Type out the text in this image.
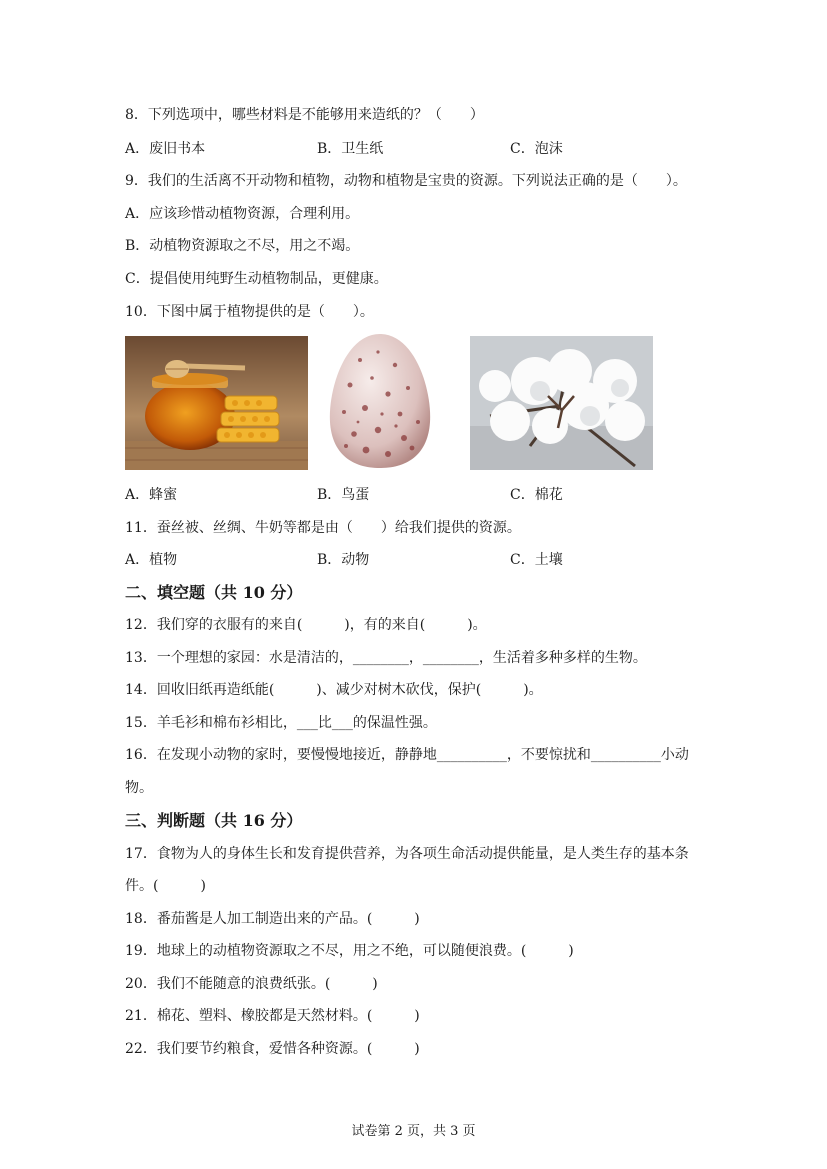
8．下列选项中，哪些材料是不能够用来造纸的？（　　）
A．废旧书本	B．卫生纸	C．泡沫
9．我们的生活离不开动物和植物，动物和植物是宝贵的资源。下列说法正确的是（　　）。
A．应该珍惜动植物资源，合理利用。
B．动植物资源取之不尽，用之不竭。
C．提倡使用纯野生动植物制品，更健康。
10．下图中属于植物提供的是（　　）。
A．蜂蜜	B．鸟蛋	C．棉花
11．蚕丝被、丝绸、牛奶等都是由（　　）给我们提供的资源。
A．植物	B．动物	C．土壤
二、填空题（共 10 分）
12．我们穿的衣服有的来自(　　　)，有的来自(　　　)。
13．一个理想的家园：水是清洁的，________，________，生活着多种多样的生物。
14．回收旧纸再造纸能(　　　)、减少对树木砍伐，保护(　　　)。
15．羊毛衫和棉布衫相比，___比___的保温性强。
16．在发现小动物的家时，要慢慢地接近，静静地__________，不要惊扰和__________小动
物。
三、判断题（共 16 分）
17．食物为人的身体生长和发育提供营养，为各项生命活动提供能量，是人类生存的基本条
件。(　　　)
18．番茄酱是人加工制造出来的产品。(　　　)
19．地球上的动植物资源取之不尽，用之不绝，可以随便浪费。(　　　)
20．我们不能随意的浪费纸张。(　　　)
21．棉花、塑料、橡胶都是天然材料。(　　　)
22．我们要节约粮食，爱惜各种资源。(　　　)
试卷第 2 页，共 3 页
